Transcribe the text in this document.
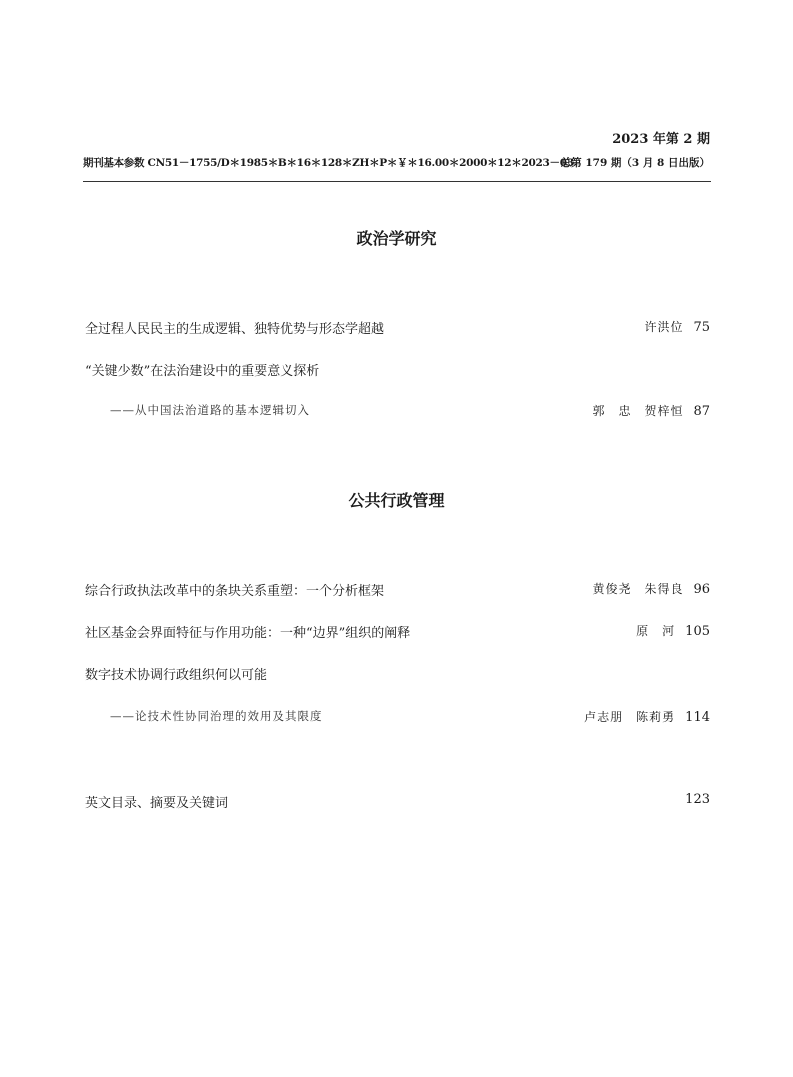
2023 年第 2 期
期刊基本参数 CN51－1755/D＊1985＊B＊16＊128＊ZH＊P＊￥＊16.00＊2000＊12＊2023－03
总第 179 期（3 月 8 日出版）
政治学研究
全过程人民民主的生成逻辑、独特优势与形态学超越	许洪位 75
“关键少数”在法治建设中的重要意义探析
——从中国法治道路的基本逻辑切入	郭　忠　贺梓恒 87
公共行政管理
综合行政执法改革中的条块关系重塑：一个分析框架	黄俊尧　朱得良 96
社区基金会界面特征与作用功能：一种“边界”组织的阐释	原　河 105
数字技术协调行政组织何以可能
——论技术性协同治理的效用及其限度	卢志朋　陈莉勇 114
英文目录、摘要及关键词	123
